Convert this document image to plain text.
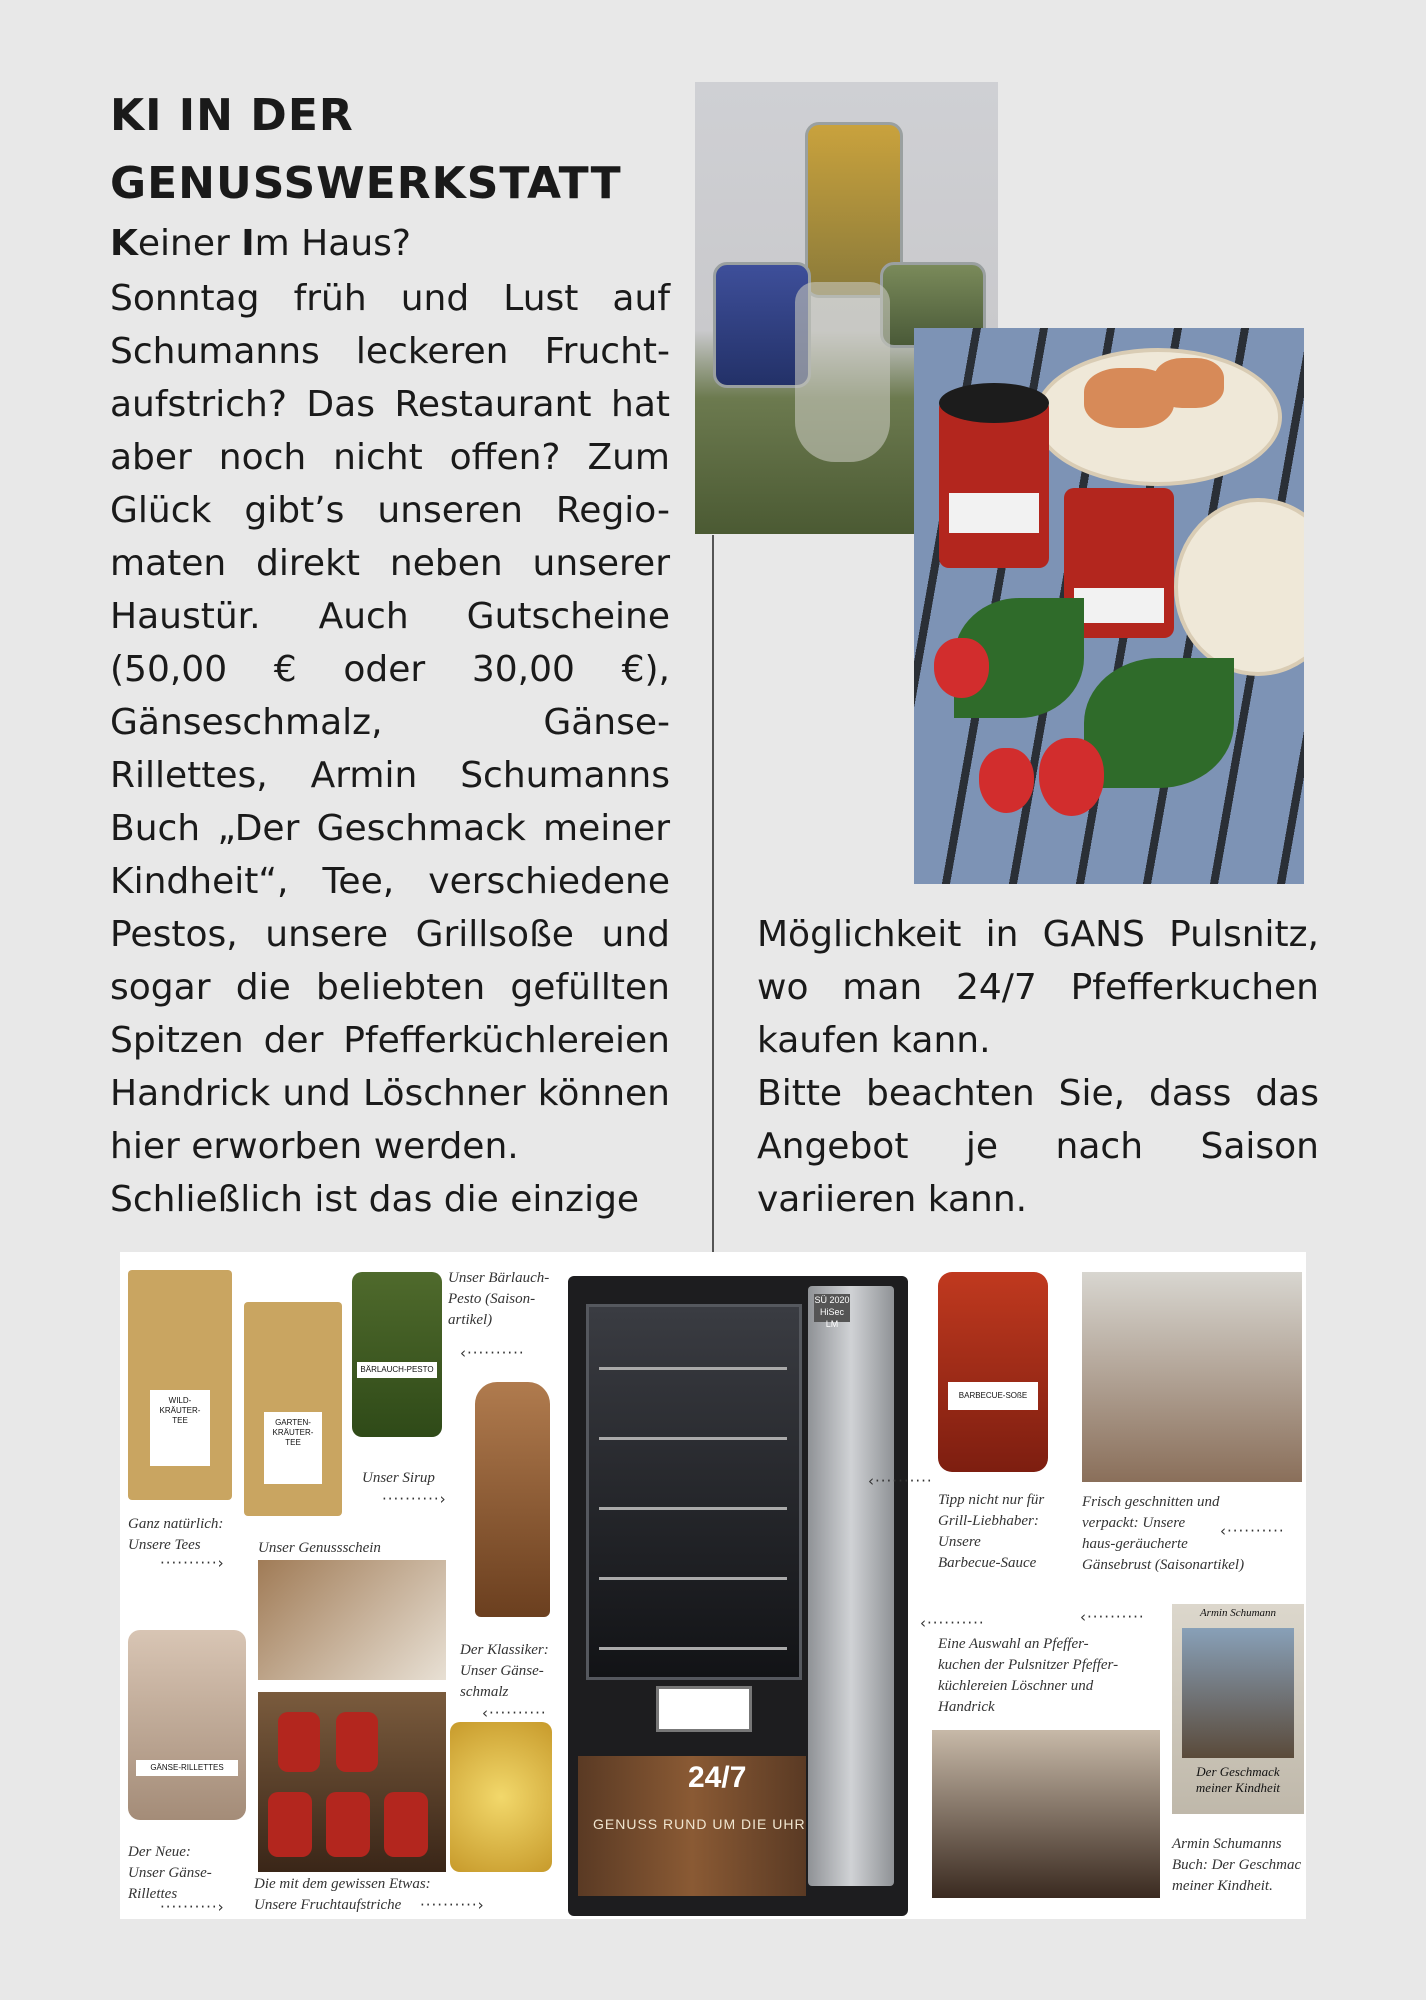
KI IN DER
GENUSSWERKSTATT
Keiner Im Haus?

Sonntag früh und Lust auf Schumanns leckeren Frucht-aufstrich? Das Restaurant hat aber noch nicht offen? Zum Glück gibt’s unseren Regio-maten direkt neben unserer Haustür. Auch Gutscheine (50,00 € oder 30,00 €), Gänseschmalz, Gänse-Rillettes, Armin Schumanns Buch „Der Geschmack meiner Kindheit“, Tee, verschiedene Pestos, unsere Grillsoße und sogar die beliebten gefüllten Spitzen der Pfefferküchlereien Handrick und Löschner können hier erworben werden.

Schließlich ist das die einzige

Möglichkeit in GANS Pulsnitz, wo man 24/7 Pfefferkuchen kaufen kann.

Bitte beachten Sie, dass das Angebot je nach Saison variieren kann.

WILD-
KRÄUTER-
TEE	GARTEN-
KRÄUTER-
TEE
Ganz natürlich:
Unsere Tees
··········›
BÄRLAUCH-PESTO
Unser Bärlauch-
Pesto (Saison-
artikel)
‹··········
Unser Sirup
··········›
Unser Genussschein
Der Klassiker:
Unser Gänse-
schmalz
‹··········
GÄNSE-RILLETTES
Der Neue:
Unser Gänse-
Rillettes
··········›
Die mit dem gewissen Etwas:
Unsere Fruchtaufstriche	··········›
24/7
GENUSS RUND UM DIE UHR
SÜ 2020
HiSec LM
BARBECUE-SOßE
‹··········
Tipp nicht nur für
Grill-Liebhaber:
Unsere
Barbecue-Sauce
Frisch geschnitten und
verpackt: Unsere
haus-geräucherte
Gänsebrust (Saisonartikel)
‹··········
‹··········
Eine Auswahl an Pfeffer-
kuchen der Pulsnitzer Pfeffer-
küchlereien Löschner und
Handrick
‹··········
Armin Schumann
Der Geschmack
meiner Kindheit
Armin Schumanns
Buch: Der Geschmac
meiner Kindheit.
